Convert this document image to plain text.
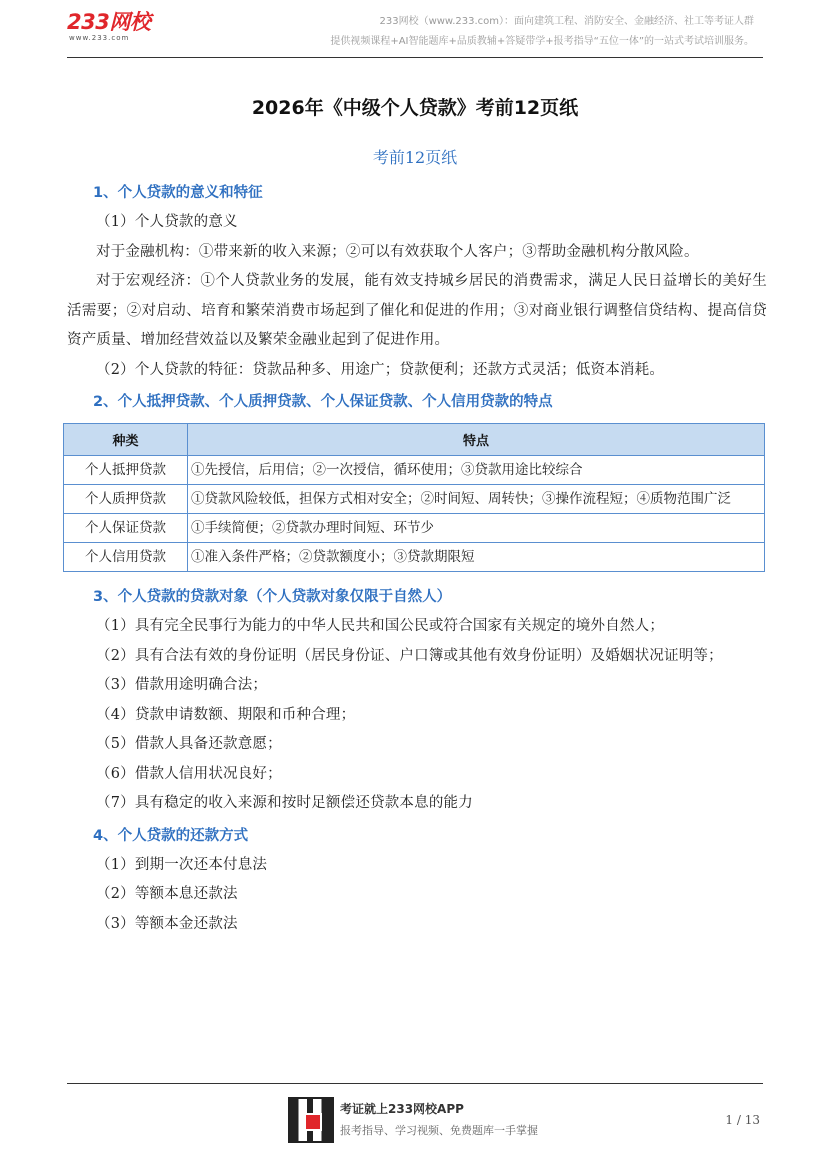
233网校
www.233.com
233网校（www.233.com）：面向建筑工程、消防安全、金融经济、社工等考证人群
提供视频课程+AI智能题库+品质教辅+答疑带学+报考指导“五位一体”的一站式考试培训服务。
2026年《中级个人贷款》考前12页纸
考前12页纸
1、个人贷款的意义和特征

（1）个人贷款的意义

对于金融机构：①带来新的收入来源；②可以有效获取个人客户；③帮助金融机构分散风险。

对于宏观经济：①个人贷款业务的发展，能有效支持城乡居民的消费需求，满足人民日益增长的美好生活需要；②对启动、培育和繁荣消费市场起到了催化和促进的作用；③对商业银行调整信贷结构、提高信贷资产质量、增加经营效益以及繁荣金融业起到了促进作用。

（2）个人贷款的特征：贷款品种多、用途广；贷款便利；还款方式灵活；低资本消耗。

2、个人抵押贷款、个人质押贷款、个人保证贷款、个人信用贷款的特点
种类	特点
个人抵押贷款	①先授信，后用信；②一次授信，循环使用；③贷款用途比较综合
个人质押贷款	①贷款风险较低，担保方式相对安全；②时间短、周转快；③操作流程短；④质物范围广泛
个人保证贷款	①手续简便；②贷款办理时间短、环节少
个人信用贷款	①准入条件严格；②贷款额度小；③贷款期限短
3、个人贷款的贷款对象（个人贷款对象仅限于自然人）

（1）具有完全民事行为能力的中华人民共和国公民或符合国家有关规定的境外自然人；

（2）具有合法有效的身份证明（居民身份证、户口簿或其他有效身份证明）及婚姻状况证明等；

（3）借款用途明确合法；

（4）贷款申请数额、期限和币种合理；

（5）借款人具备还款意愿；

（6）借款人信用状况良好；

（7）具有稳定的收入来源和按时足额偿还贷款本息的能力

4、个人贷款的还款方式

（1）到期一次还本付息法

（2）等额本息还款法

（3）等额本金还款法

考证就上233网校APP
报考指导、学习视频、免费题库一手掌握
1 / 13
